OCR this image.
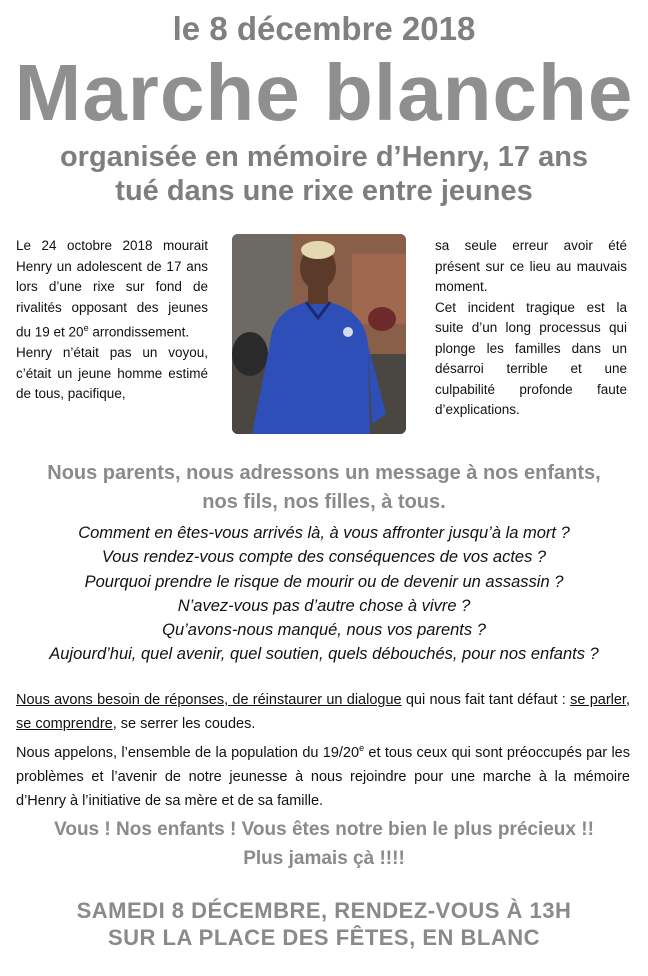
le 8 décembre 2018
Marche blanche
organisée en mémoire d’Henry, 17 ans
tué dans une rixe entre jeunes

Le 24 octobre 2018 mourait Henry un adolescent de 17 ans lors d’une rixe sur fond de rivalités opposant des jeunes du 19 et 20e arrondissement.

Henry n’était pas un voyou, c’était un jeune homme estimé de tous, pacifique,

sa seule erreur avoir été présent sur ce lieu au mauvais moment.

Cet incident tragique est la suite d’un long processus qui plonge les familles dans un désarroi terrible et une culpabilité profonde faute d’explications.

Nous parents, nous adressons un message à nos enfants,
nos fils, nos filles, à tous.
Comment en êtes-vous arrivés là, à vous affronter jusqu’à la mort ?
Vous rendez-vous compte des conséquences de vos actes ?
Pourquoi prendre le risque de mourir ou de devenir un assassin ?
N’avez-vous pas d’autre chose à vivre ?
Qu’avons-nous manqué, nous vos parents ?
Aujourd’hui, quel avenir, quel soutien, quels débouchés, pour nos enfants ?

Nous avons besoin de réponses, de réinstaurer un dialogue qui nous fait tant défaut : se parler, se comprendre, se serrer les coudes.

Nous appelons, l’ensemble de la population du 19/20e et tous ceux qui sont préoccupés par les problèmes et l’avenir de notre jeunesse à nous rejoindre pour une marche à la mémoire d’Henry à l’initiative de sa mère et de sa famille.

Vous ! Nos enfants ! Vous êtes notre bien le plus précieux !!
Plus jamais çà !!!!
SAMEDI 8 DÉCEMBRE, RENDEZ-VOUS À 13H
SUR LA PLACE DES FÊTES, EN BLANC
